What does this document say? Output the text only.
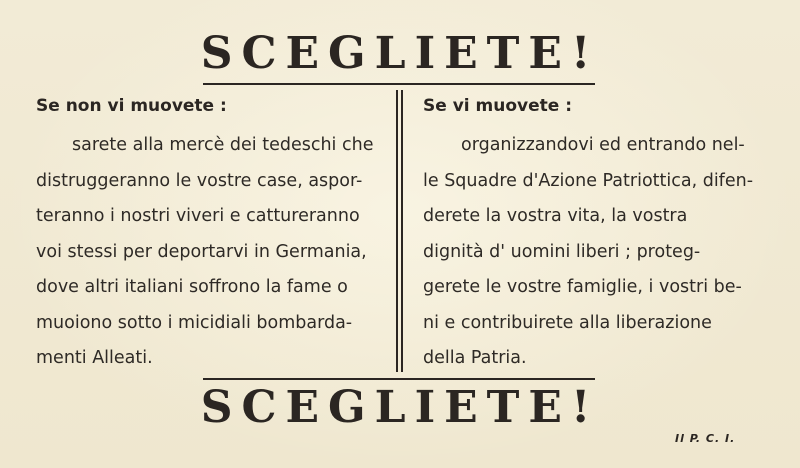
SCEGLIETE!
Se non vi muovete :	Se vi muovete :
sarete alla mercè dei tedeschi che
distruggeranno le vostre case, aspor-
teranno i nostri viveri e cattureranno
voi stessi per deportarvi in Germania,
dove altri italiani soffrono la fame o
muoiono sotto i micidiali bombarda-
menti Alleati.
organizzandovi ed entrando nel-
le Squadre d'Azione Patriottica, difen-
derete la vostra vita, la vostra
dignità d' uomini liberi ; proteg-
gerete le vostre famiglie, i vostri be-
ni e contribuirete alla liberazione
della Patria.
SCEGLIETE!
Il P. C. I.
